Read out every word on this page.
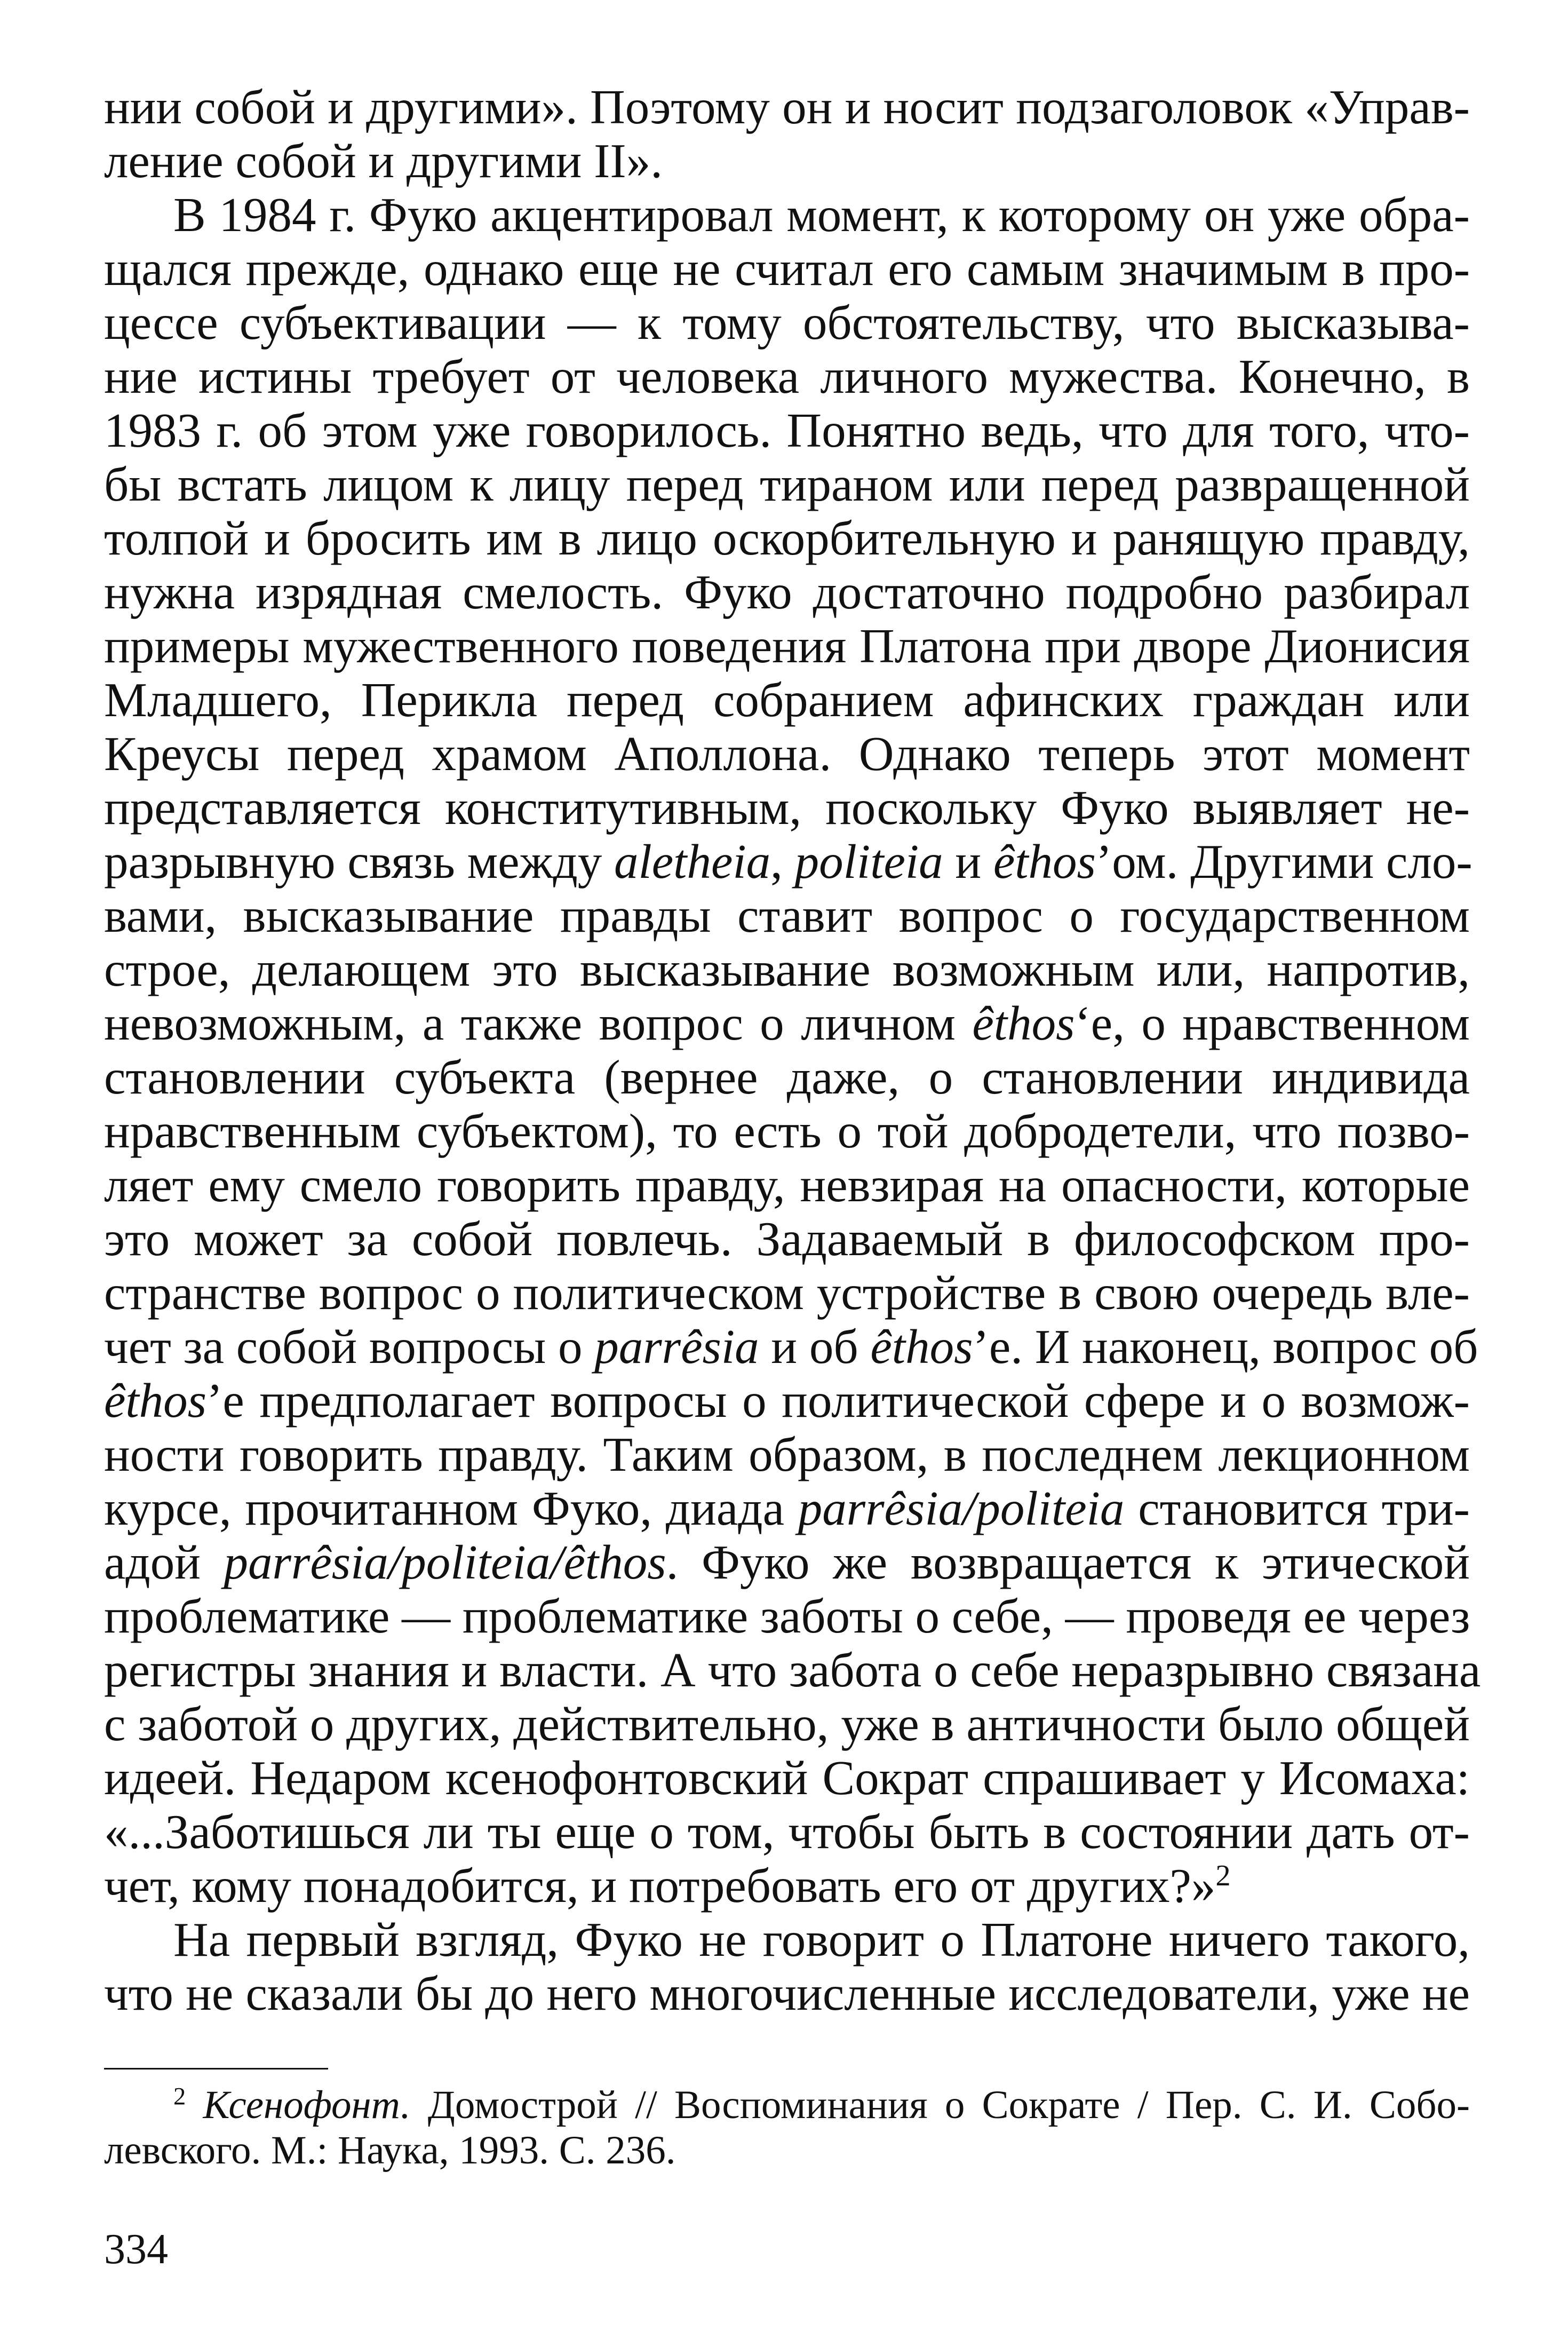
нии собой и другими». Поэтому он и носит подзаголовок «Управ-
ление собой и другими II».
В 1984 г. Фуко акцентировал момент, к которому он уже обра-
щался прежде, однако еще не считал его самым значимым в про-
цессе субъективации — к тому обстоятельству, что высказыва-
ние истины требует от человека личного мужества. Конечно, в
1983 г. об этом уже говорилось. Понятно ведь, что для того, что-
бы встать лицом к лицу перед тираном или перед развращенной
толпой и бросить им в лицо оскорбительную и ранящую правду,
нужна изрядная смелость. Фуко достаточно подробно разбирал
примеры мужественного поведения Платона при дворе Дионисия
Младшего, Перикла перед собранием афинских граждан или
Креусы перед храмом Аполлона. Однако теперь этот момент
представляется конститутивным, поскольку Фуко выявляет не-
разрывную связь между aletheia, politeia и êthos’ом. Другими сло-
вами, высказывание правды ставит вопрос о государственном
строе, делающем это высказывание возможным или, напротив,
невозможным, а также вопрос о личном êthos‘е, о нравственном
становлении субъекта (вернее даже, о становлении индивида
нравственным субъектом), то есть о той добродетели, что позво-
ляет ему смело говорить правду, невзирая на опасности, которые
это может за собой повлечь. Задаваемый в философском про-
странстве вопрос о политическом устройстве в свою очередь вле-
чет за собой вопросы о parrêsia и об êthos’е. И наконец, вопрос об
êthos’е предполагает вопросы о политической сфере и о возмож-
ности говорить правду. Таким образом, в последнем лекционном
курсе, прочитанном Фуко, диада parrêsia/politeia становится три-
адой parrêsia/politeia/êthos. Фуко же возвращается к этической
проблематике — проблематике заботы о себе, — проведя ее через
регистры знания и власти. А что забота о себе неразрывно связана
с заботой о других, действительно, уже в античности было общей
идеей. Недаром ксенофонтовский Сократ спрашивает у Исомаха:
«...Заботишься ли ты еще о том, чтобы быть в состоянии дать от-
чет, кому понадобится, и потребовать его от других?»$^2$
На первый взгляд, Фуко не говорит о Платоне ничего такого,
что не сказали бы до него многочисленные исследователи, уже не
$^2$ Ксенофонт. Домострой // Воспоминания о Сократе / Пер. С. И. Собо-
левского. М.: Наука, 1993. С. 236.
334
